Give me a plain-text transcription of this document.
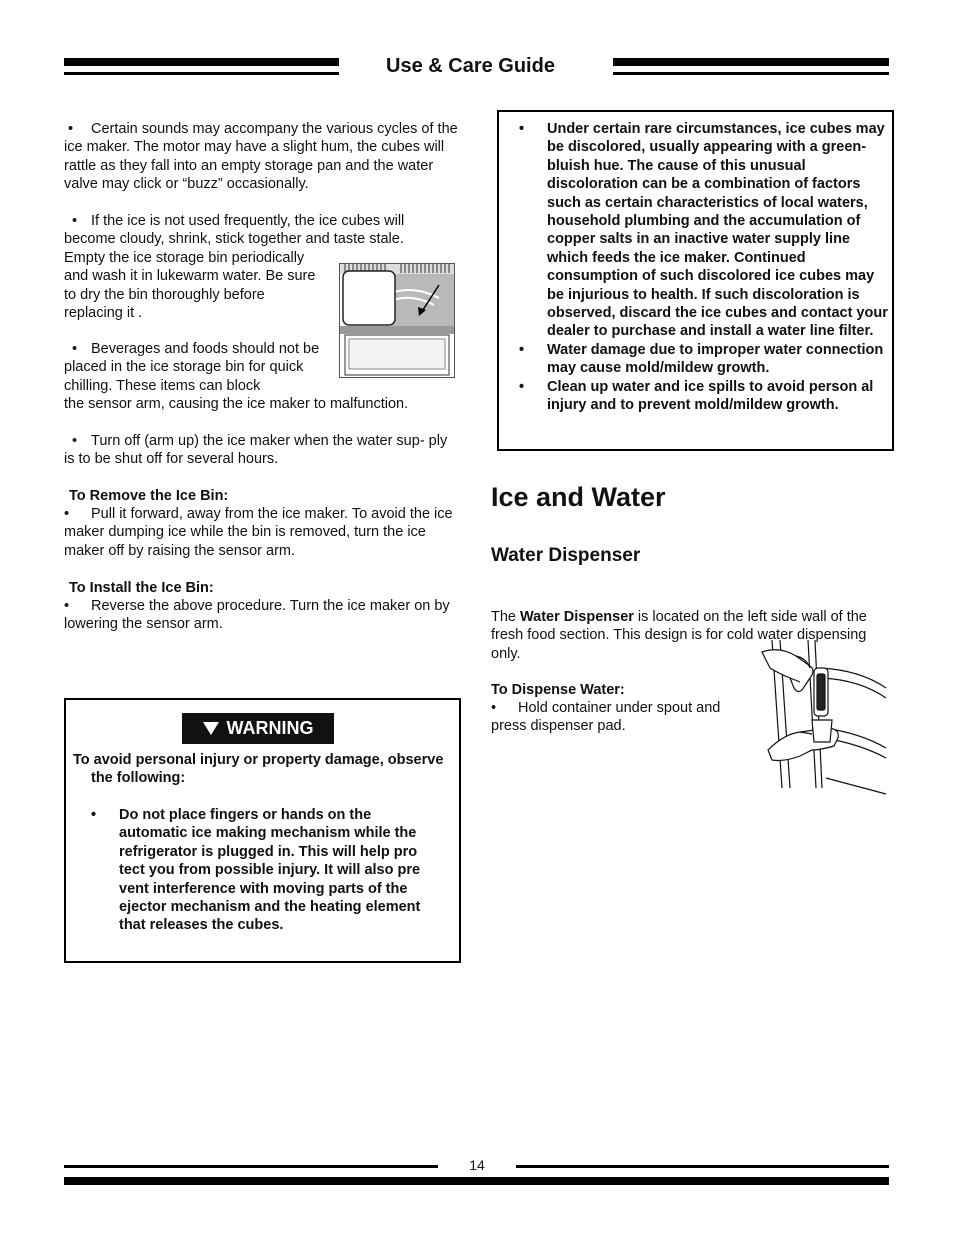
Use & Care Guide
• Certain sounds may accompany the various cycles of the ice maker. The motor may have a slight hum, the cubes will rattle as they fall into an empty storage pan and the water valve may click or “buzz” occasionally.
• If the ice is not used frequently, the ice cubes will become cloudy, shrink, stick together and taste stale.
Empty the ice storage bin periodically and wash it in lukewarm water. Be sure to dry the bin thoroughly before replacing it .
• Beverages and foods should not be placed in the ice storage bin for quick chilling. These items can block
the sensor arm, causing the ice maker to malfunction.
• Turn off (arm up) the ice maker when the water sup- ply is to be shut off for several hours.
To Remove the Ice Bin:
• Pull it forward, away from the ice maker. To avoid the ice maker dumping ice while the bin is removed, turn the ice maker off by raising the sensor arm.
To Install the Ice Bin:
• Reverse the above procedure. Turn the ice maker on by lowering the sensor arm.
WARNING
To avoid personal injury or property damage, observe the following:
• Do not place fingers or hands on the automatic ice making mechanism while the refrigerator is plugged in. This will help pro tect you from possible injury. It will also pre vent interference with moving parts of the ejector mechanism and the heating element that releases the cubes.
• Under certain rare circumstances, ice cubes may be discolored, usually appearing with a green-bluish hue. The cause of this unusual discoloration can be a combination of factors such as certain characteristics of local waters, household plumbing and the accumulation of copper salts in an inactive water supply line which feeds the ice maker. Continued consumption of such discolored ice cubes may be injurious to health. If such discoloration is observed, discard the ice cubes and contact your dealer to purchase and install a water line filter.
• Water damage due to improper water connection may cause mold/mildew growth.
• Clean up water and ice spills to avoid person al injury and to prevent mold/mildew growth.
Ice and Water
Water Dispenser
The Water Dispenser is located on the left side wall of the fresh food section. This design is for cold water dispensing only.
To Dispense Water:
• Hold container under spout and press dispenser pad.
14
